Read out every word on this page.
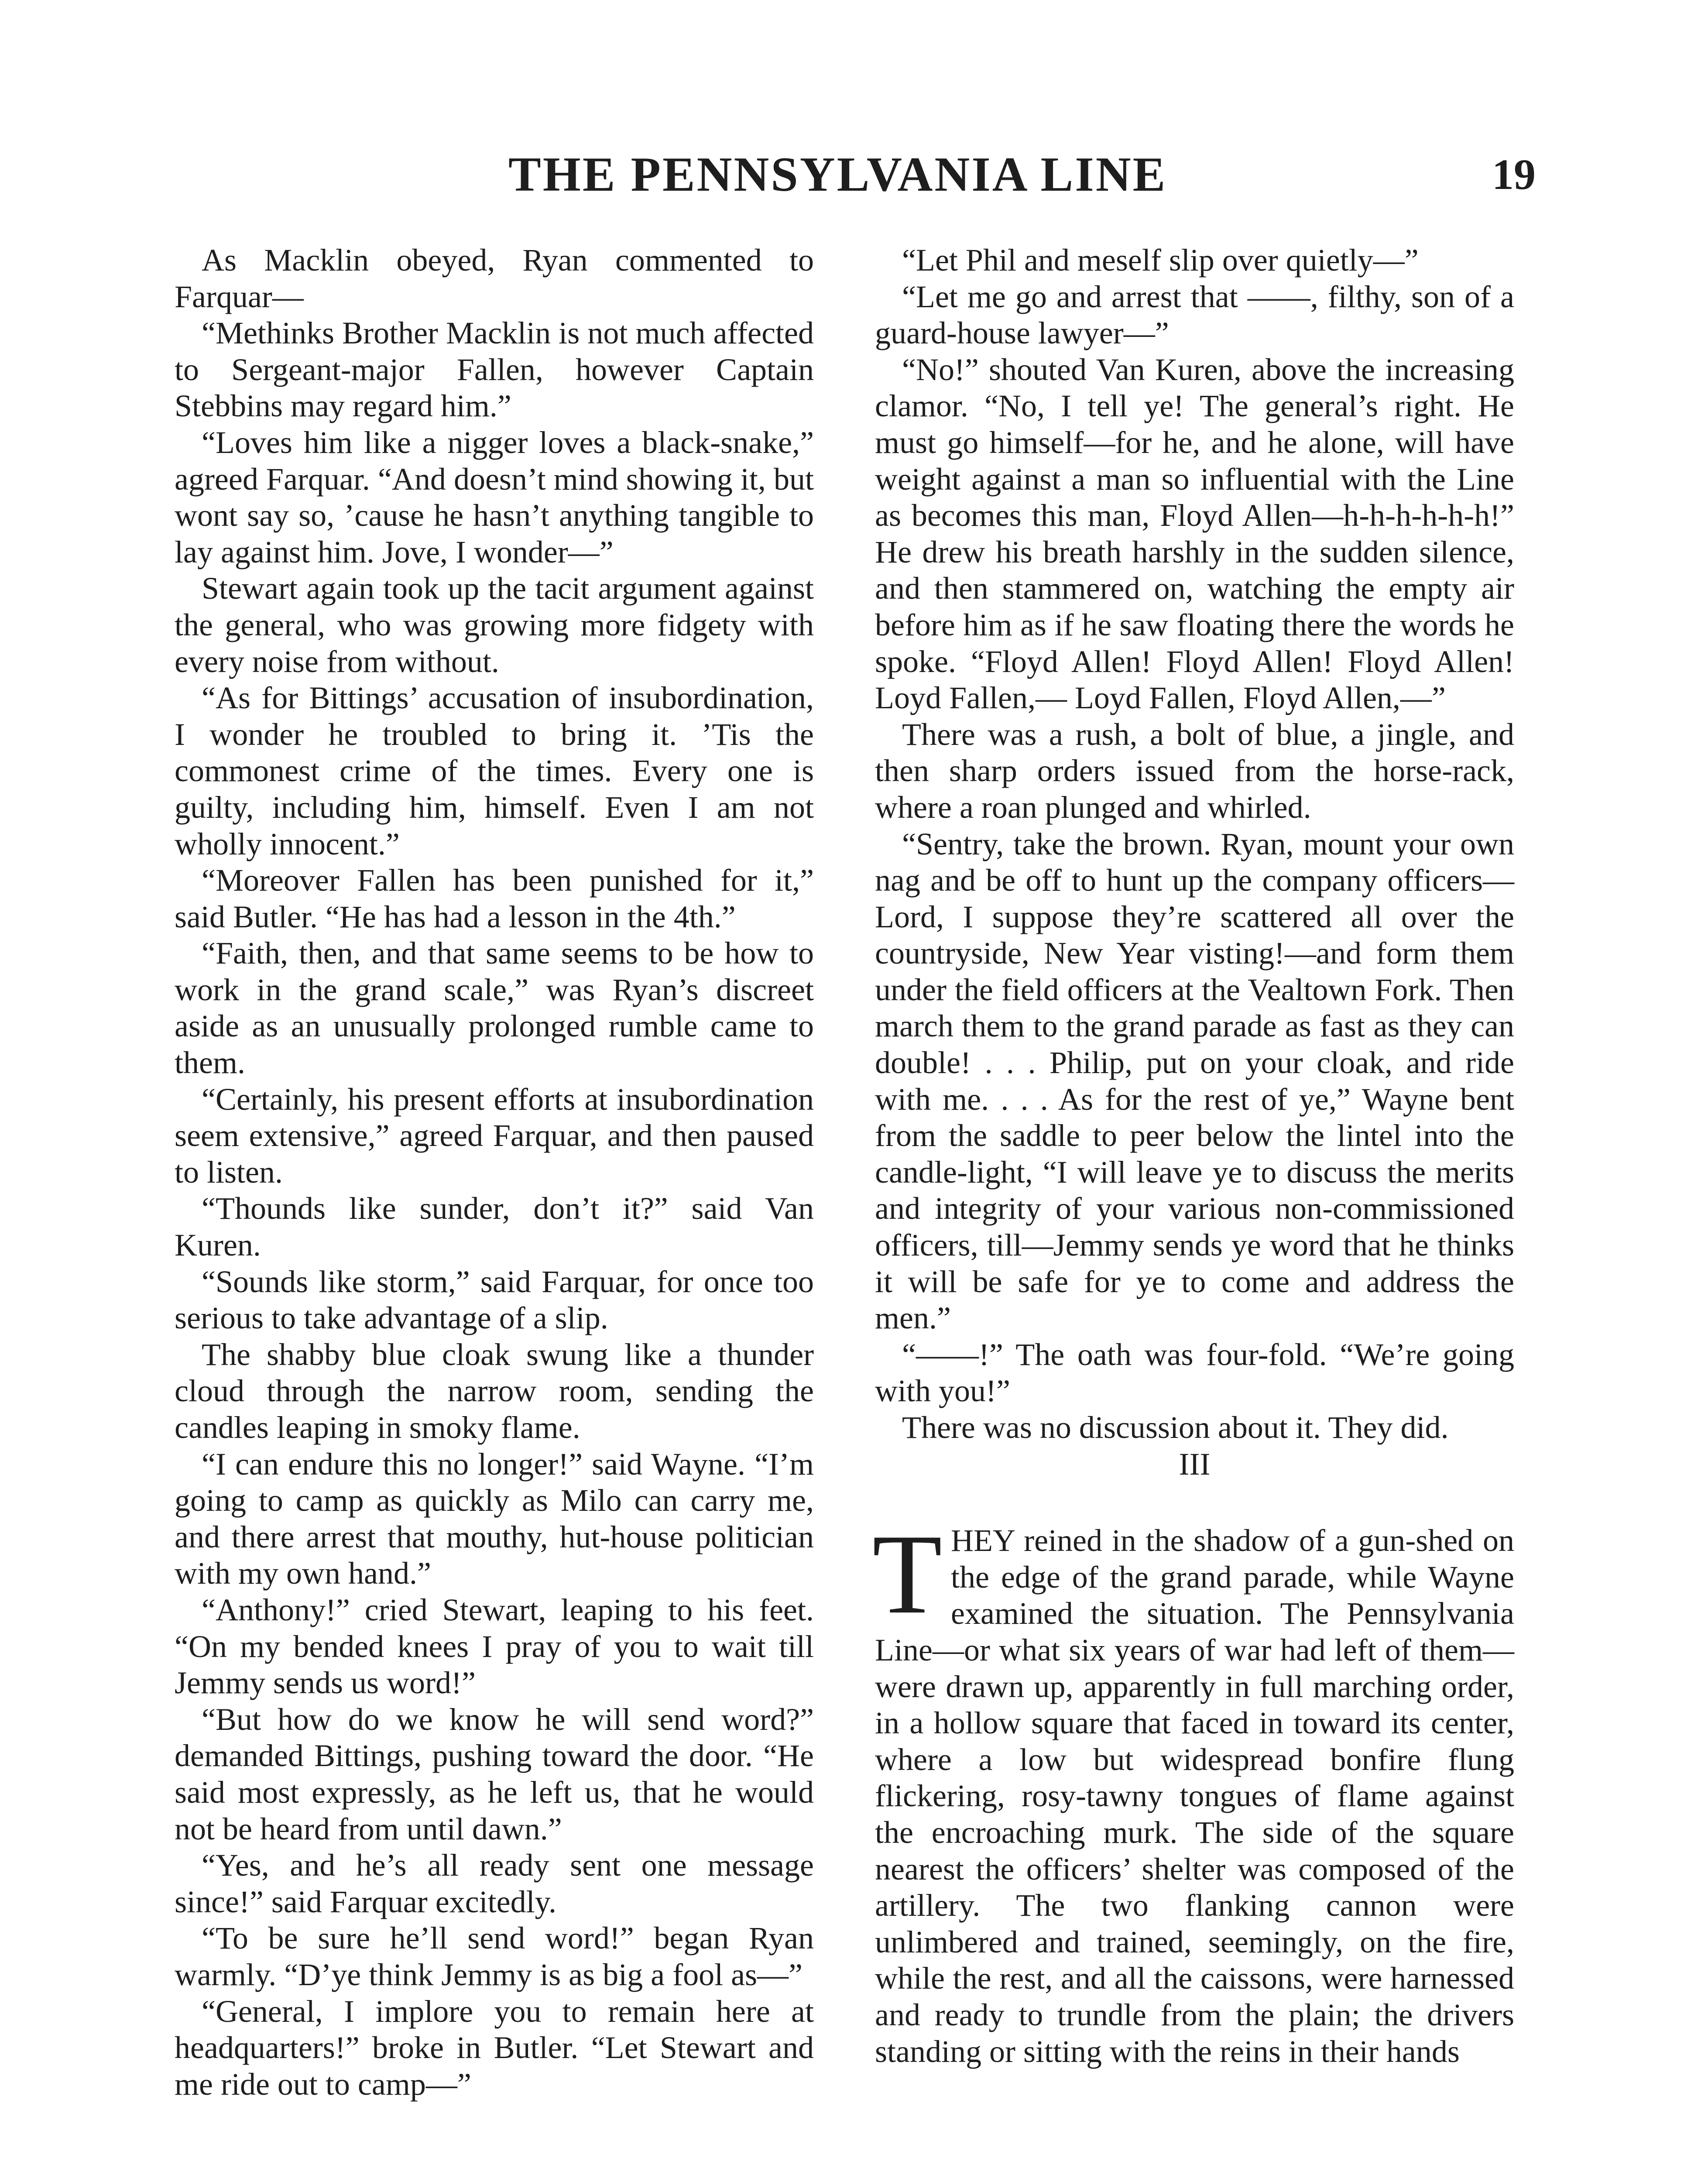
THE PENNSYLVANIA LINE	19

As Macklin obeyed, Ryan commented to Farquar—

“Methinks Brother Macklin is not much affected to Sergeant-major Fallen, however Captain Stebbins may regard him.”

“Loves him like a nigger loves a black-snake,” agreed Farquar. “And doesn’t mind showing it, but wont say so, ’cause he hasn’t anything tangible to lay against him. Jove, I wonder—”

Stewart again took up the tacit argument against the general, who was growing more fidgety with every noise from without.

“As for Bittings’ accusation of insubordination, I wonder he troubled to bring it. ’Tis the commonest crime of the times. Every one is guilty, including him, himself. Even I am not wholly innocent.”

“Moreover Fallen has been punished for it,” said Butler. “He has had a lesson in the 4th.”

“Faith, then, and that same seems to be how to work in the grand scale,” was Ryan’s discreet aside as an unusually prolonged rumble came to them.

“Certainly, his present efforts at insubordination seem extensive,” agreed Farquar, and then paused to listen.

“Thounds like sunder, don’t it?” said Van Kuren.

“Sounds like storm,” said Farquar, for once too serious to take advantage of a slip.

The shabby blue cloak swung like a thunder cloud through the narrow room, sending the candles leaping in smoky flame.

“I can endure this no longer!” said Wayne. “I’m going to camp as quickly as Milo can carry me, and there arrest that mouthy, hut-house politician with my own hand.”

“Anthony!” cried Stewart, leaping to his feet. “On my bended knees I pray of you to wait till Jemmy sends us word!”

“But how do we know he will send word?” demanded Bittings, pushing toward the door. “He said most expressly, as he left us, that he would not be heard from until dawn.”

“Yes, and he’s all ready sent one message since!” said Farquar excitedly.

“To be sure he’ll send word!” began Ryan warmly. “D’ye think Jemmy is as big a fool as—”

“General, I implore you to remain here at headquarters!” broke in Butler. “Let Stewart and me ride out to camp—”

“Let Phil and meself slip over quietly—”

“Let me go and arrest that ——, filthy, son of a guard-house lawyer—”

“No!” shouted Van Kuren, above the increasing clamor. “No, I tell ye! The general’s right. He must go himself—for he, and he alone, will have weight against a man so influential with the Line as becomes this man, Floyd Allen—h-h-h-h-h-h!” He drew his breath harshly in the sudden silence, and then stammered on, watching the empty air before him as if he saw floating there the words he spoke. “Floyd Allen! Floyd Allen! Floyd Allen! Loyd Fallen,— Loyd Fallen, Floyd Allen,—”

There was a rush, a bolt of blue, a jingle, and then sharp orders issued from the horse-rack, where a roan plunged and whirled.

“Sentry, take the brown. Ryan, mount your own nag and be off to hunt up the company officers—Lord, I suppose they’re scattered all over the countryside, New Year visting!—and form them under the field officers at the Vealtown Fork. Then march them to the grand parade as fast as they can double! . . . Philip, put on your cloak, and ride with me. . . . As for the rest of ye,” Wayne bent from the saddle to peer below the lintel into the candle-light, “I will leave ye to discuss the merits and integrity of your various non-commissioned officers, till—Jemmy sends ye word that he thinks it will be safe for ye to come and address the men.”

“——!” The oath was four-fold. “We’re going with you!”

There was no discussion about it. They did.

III

THEY reined in the shadow of a gun-shed on the edge of the grand parade, while Wayne examined the situation. The Pennsylvania Line—or what six years of war had left of them—were drawn up, apparently in full marching order, in a hollow square that faced in toward its center, where a low but widespread bonfire flung flickering, rosy-tawny tongues of flame against the encroaching murk. The side of the square nearest the officers’ shelter was composed of the artillery. The two flanking cannon were unlimbered and trained, seemingly, on the fire, while the rest, and all the caissons, were harnessed and ready to trundle from the plain; the drivers standing or sitting with the reins in their hands
